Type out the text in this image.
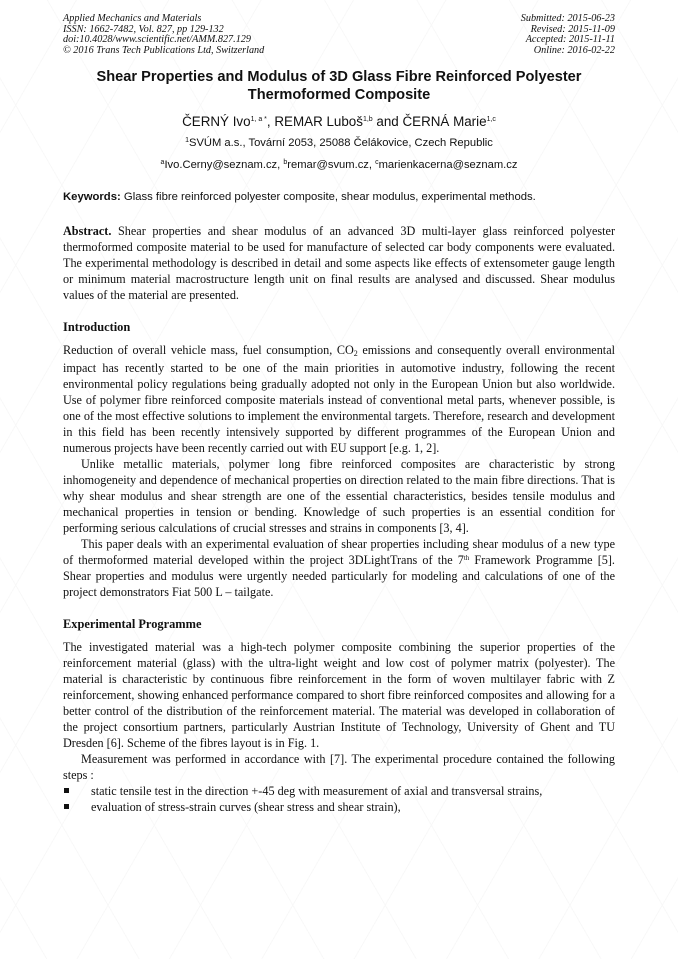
Applied Mechanics and Materials
ISSN: 1662-7482, Vol. 827, pp 129-132
doi:10.4028/www.scientific.net/AMM.827.129
© 2016 Trans Tech Publications Ltd, Switzerland
Submitted: 2015-06-23
Revised: 2015-11-09
Accepted: 2015-11-11
Online: 2016-02-22
Shear Properties and Modulus of 3D Glass Fibre Reinforced Polyester
Thermoformed Composite
ČERNÝ Ivo$^{1, a *}$, REMAR Luboš$^{1,b}$ and ČERNÁ Marie$^{1,c}$
$^1$SVÚM a.s., Tovární 2053, 25088 Čelákovice, Czech Republic
$^a$Ivo.Cerny@seznam.cz, $^b$remar@svum.cz, $^c$marienkacerna@seznam.cz
Keywords: Glass fibre reinforced polyester composite, shear modulus, experimental methods.

Abstract. Shear properties and shear modulus of an advanced 3D multi-layer glass reinforced polyester thermoformed composite material to be used for manufacture of selected car body components were evaluated. The experimental methodology is described in detail and some aspects like effects of extensometer gauge length or minimum material macrostructure length unit on final results are analysed and discussed. Shear modulus values of the material are presented.

Introduction

Reduction of overall vehicle mass, fuel consumption, $CO_2$ emissions and consequently overall environmental impact has recently started to be one of the main priorities in automotive industry, following the recent environmental policy regulations being gradually adopted not only in the European Union but also worldwide. Use of polymer fibre reinforced composite materials instead of conventional metal parts, whenever possible, is one of the most effective solutions to implement the environmental targets. Therefore, research and development in this field has been recently intensively supported by different programmes of the European Union and numerous projects have been recently carried out with EU support [e.g. 1, 2].

Unlike metallic materials, polymer long fibre reinforced composites are characteristic by strong inhomogeneity and dependence of mechanical properties on direction related to the main fibre directions. That is why shear modulus and shear strength are one of the essential characteristics, besides tensile modulus and mechanical properties in tension or bending. Knowledge of such properties is an essential condition for performing serious calculations of crucial stresses and strains in components [3, 4].

This paper deals with an experimental evaluation of shear properties including shear modulus of a new type of thermoformed material developed within the project 3DLightTrans of the 7th Framework Programme [5]. Shear properties and modulus were urgently needed particularly for modeling and calculations of one of the project demonstrators Fiat 500 L – tailgate.

Experimental Programme

The investigated material was a high-tech polymer composite combining the superior properties of the reinforcement material (glass) with the ultra-light weight and low cost of polymer matrix (polyester). The material is characteristic by continuous fibre reinforcement in the form of woven multilayer fabric with Z reinforcement, showing enhanced performance compared to short fibre reinforced composites and allowing for a better control of the distribution of the reinforcement material. The material was developed in collaboration of the project consortium partners, particularly Austrian Institute of Technology, University of Ghent and TU Dresden [6]. Scheme of the fibres layout is in Fig. 1.

Measurement was performed in accordance with [7]. The experimental procedure contained the following steps :

static tensile test in the direction +-45 deg with measurement of axial and transversal strains,
evaluation of stress-strain curves (shear stress and shear strain),
